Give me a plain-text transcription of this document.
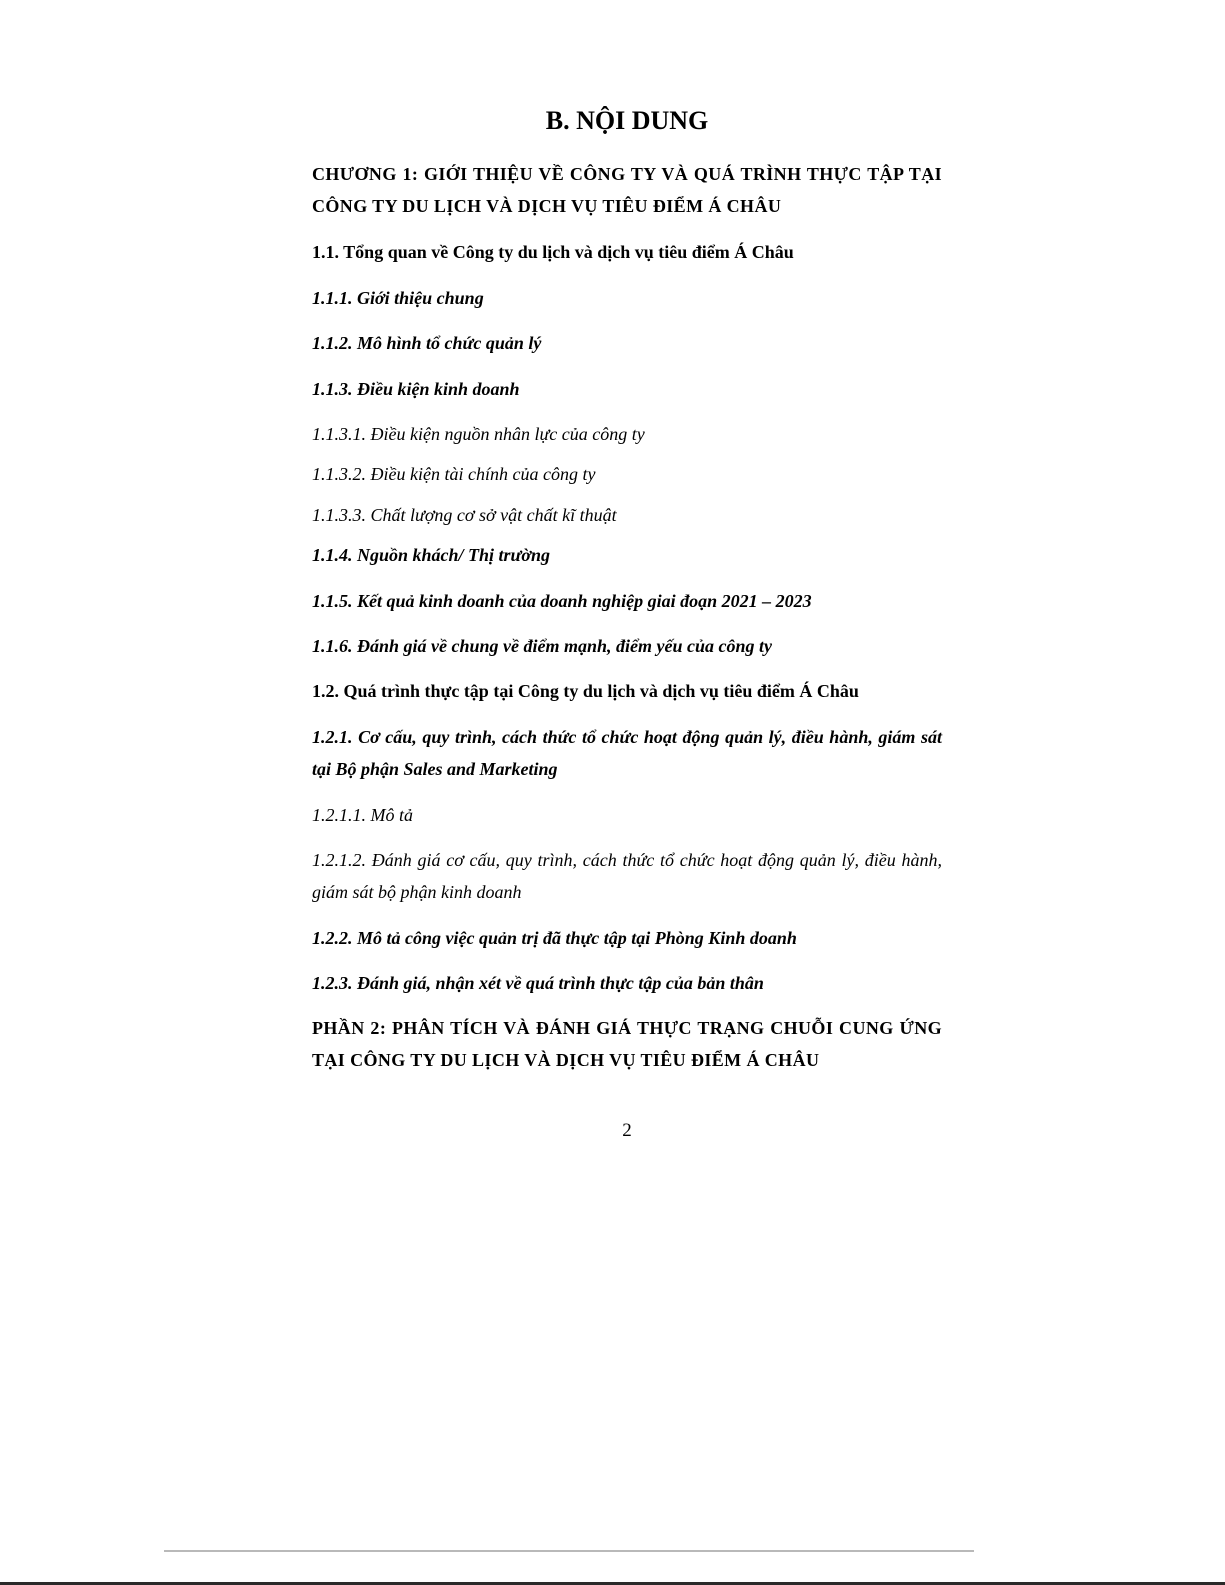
B. NỘI DUNG

CHƯƠNG 1: GIỚI THIỆU VỀ CÔNG TY VÀ QUÁ TRÌNH THỰC TẬP TẠI CÔNG TY DU LỊCH VÀ DỊCH VỤ TIÊU ĐIỂM Á CHÂU

1.1. Tổng quan về Công ty du lịch và dịch vụ tiêu điểm Á Châu

1.1.1. Giới thiệu chung

1.1.2. Mô hình tổ chức quản lý

1.1.3. Điều kiện kinh doanh

1.1.3.1. Điều kiện nguồn nhân lực của công ty

1.1.3.2. Điều kiện tài chính của công ty

1.1.3.3. Chất lượng cơ sở vật chất kĩ thuật

1.1.4. Nguồn khách/ Thị trường

1.1.5. Kết quả kinh doanh của doanh nghiệp giai đoạn 2021 – 2023

1.1.6. Đánh giá về chung về điểm mạnh, điểm yếu của công ty

1.2. Quá trình thực tập tại Công ty du lịch và dịch vụ tiêu điểm Á Châu

1.2.1. Cơ cấu, quy trình, cách thức tổ chức hoạt động quản lý, điều hành, giám sát tại Bộ phận Sales and Marketing

1.2.1.1. Mô tả

1.2.1.2. Đánh giá cơ cấu, quy trình, cách thức tổ chức hoạt động quản lý, điều hành, giám sát bộ phận kinh doanh

1.2.2. Mô tả công việc quản trị đã thực tập tại Phòng Kinh doanh

1.2.3. Đánh giá, nhận xét về quá trình thực tập của bản thân

PHẦN 2: PHÂN TÍCH VÀ ĐÁNH GIÁ THỰC TRẠNG CHUỖI CUNG ỨNG TẠI CÔNG TY DU LỊCH VÀ DỊCH VỤ TIÊU ĐIỂM Á CHÂU

2
